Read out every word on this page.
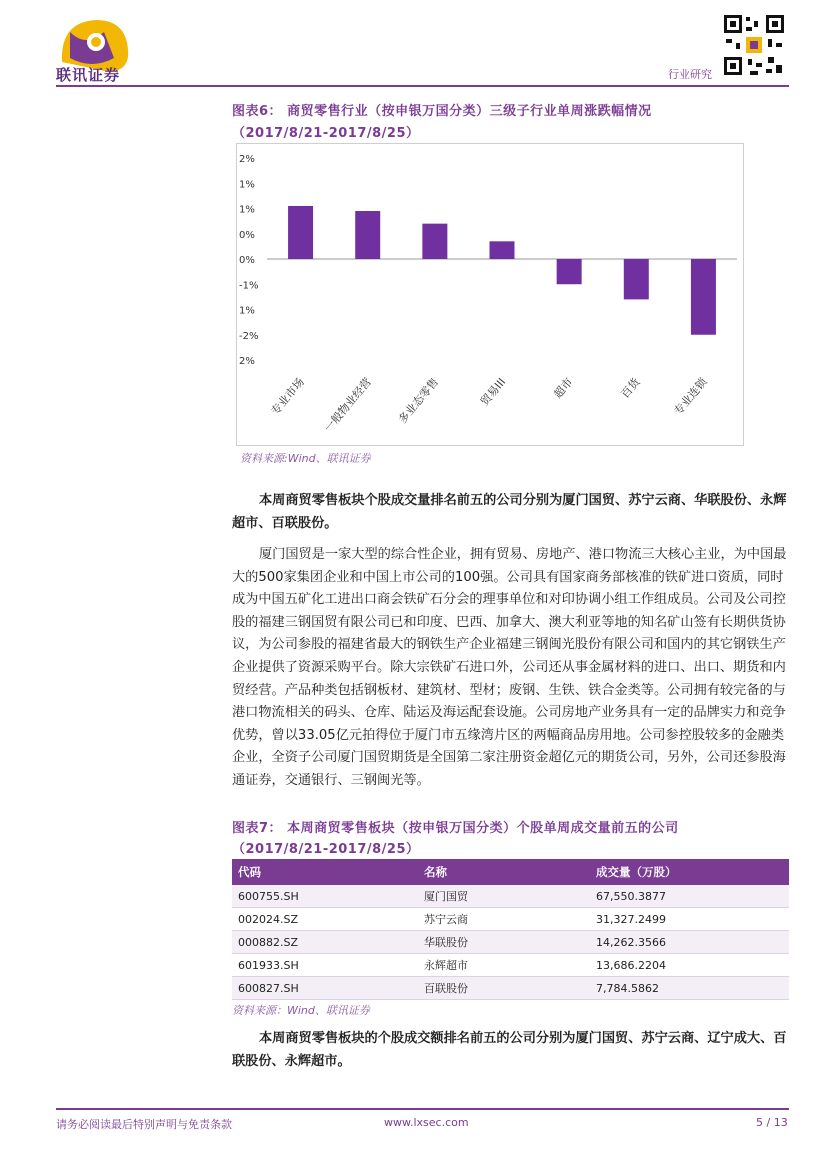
联讯证券	行业研究
图表6： 商贸零售行业（按申银万国分类）三级子行业单周涨跌幅情况
（2017/8/21-2017/8/25）
2%
1%
1%
0%
0%
-1%
1%
-2%
2%
专业市场 一般物业经营 多业态零售	贸易III	超市	百货	专业连锁
资料来源:Wind、联讯证券

本周商贸零售板块个股成交量排名前五的公司分别为厦门国贸、苏宁云商、华联股份、永辉超市、百联股份。

厦门国贸是一家大型的综合性企业，拥有贸易、房地产、港口物流三大核心主业，为中国最大的500家集团企业和中国上市公司的100强。公司具有国家商务部核准的铁矿进口资质，同时成为中国五矿化工进出口商会铁矿石分会的理事单位和对印协调小组工作组成员。公司及公司控股的福建三钢国贸有限公司已和印度、巴西、加拿大、澳大利亚等地的知名矿山签有长期供货协议，为公司参股的福建省最大的钢铁生产企业福建三钢闽光股份有限公司和国内的其它钢铁生产企业提供了资源采购平台。除大宗铁矿石进口外，公司还从事金属材料的进口、出口、期货和内贸经营。产品种类包括钢板材、建筑材、型材；废钢、生铁、铁合金类等。公司拥有较完备的与港口物流相关的码头、仓库、陆运及海运配套设施。公司房地产业务具有一定的品牌实力和竞争优势，曾以33.05亿元拍得位于厦门市五缘湾片区的两幅商品房用地。公司参控股较多的金融类企业，全资子公司厦门国贸期货是全国第二家注册资金超亿元的期货公司，另外，公司还参股海通证券，交通银行、三钢闽光等。

图表7： 本周商贸零售板块（按申银万国分类）个股单周成交量前五的公司
（2017/8/21-2017/8/25）
代码	名称	成交量（万股）
600755.SH	厦门国贸	67,550.3877
002024.SZ	苏宁云商	31,327.2499
000882.SZ	华联股份	14,262.3566
601933.SH	永辉超市	13,686.2204
600827.SH	百联股份	7,784.5862
资料来源：Wind、联讯证券

本周商贸零售板块的个股成交额排名前五的公司分别为厦门国贸、苏宁云商、辽宁成大、百联股份、永辉超市。

请务必阅读最后特别声明与免责条款	www.lxsec.com	5 / 13
